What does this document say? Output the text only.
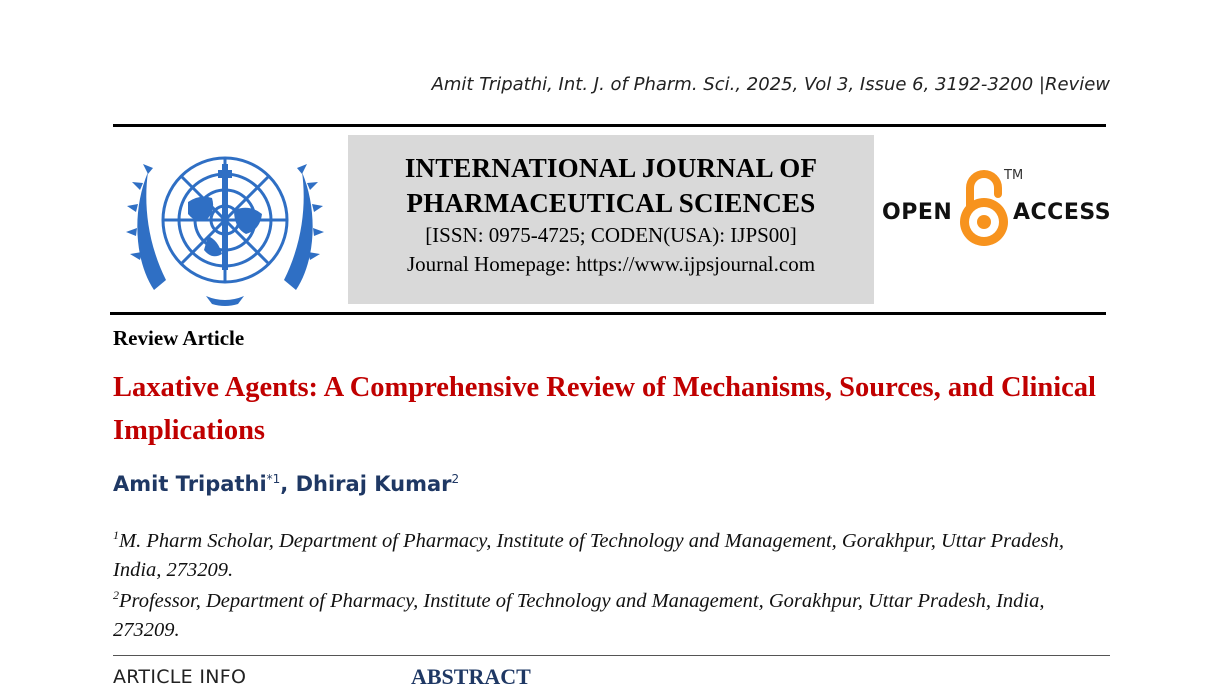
Amit Tripathi, Int. J. of Pharm. Sci., 2025, Vol 3, Issue 6, 3192-3200 |Review
INTERNATIONAL JOURNAL OF
PHARMACEUTICAL SCIENCES
[ISSN: 0975-4725; CODEN(USA): IJPS00]
Journal Homepage: https://www.ijpsjournal.com
OPEN
TM
ACCESS
Review Article
Laxative Agents: A Comprehensive Review of Mechanisms, Sources, and Clinical Implications
Amit Tripathi$^{*1}$, Dhiraj Kumar$^2$
$^1$M. Pharm Scholar, Department of Pharmacy, Institute of Technology and Management, Gorakhpur, Uttar Pradesh, India, 273209.
$^2$Professor, Department of Pharmacy, Institute of Technology and Management, Gorakhpur, Uttar Pradesh, India, 273209.
ARTICLE INFO	ABSTRACT
